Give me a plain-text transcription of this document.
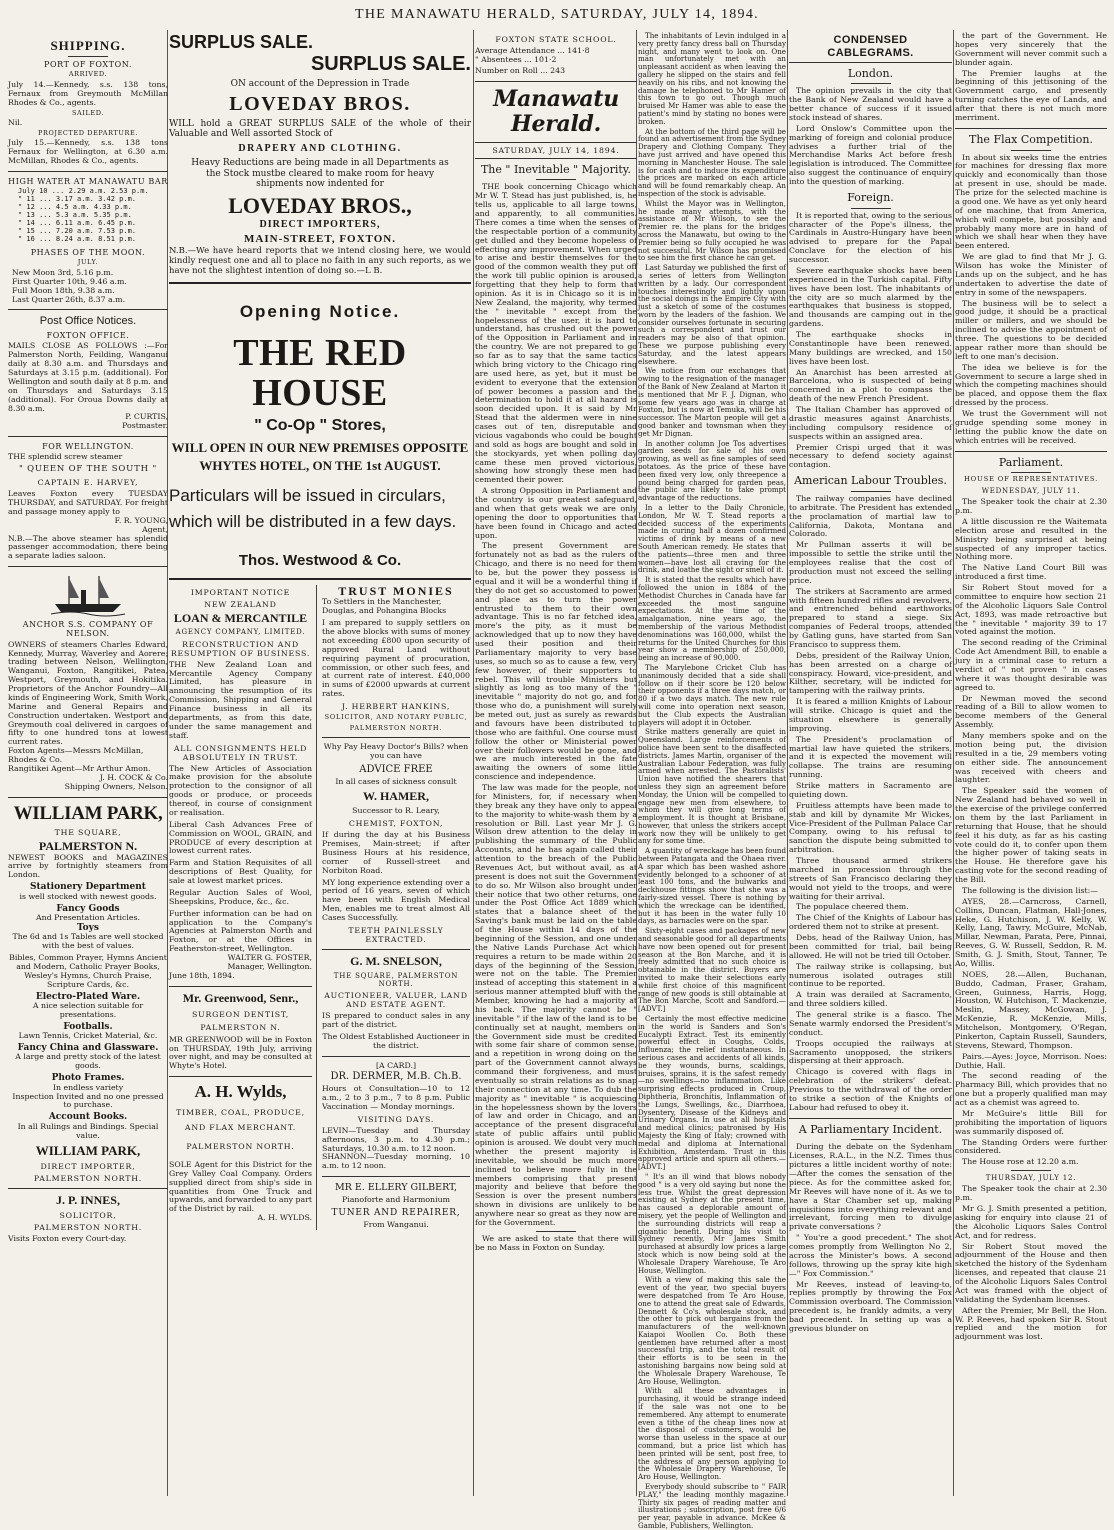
THE MANAWATU HERALD, SATURDAY, JULY 14, 1894.
SHIPPING.
PORT OF FOXTON.
ARRIVED.
July 14.—Kennedy, s.s. 138 tons, Fernaux from Greymouth McMillan Rhodes & Co., agents.
SAILED.
Nil.
PROJECTED DEPARTURE.
July 15.—Kennedy, s.s. 138 tons Fernaux for Wellington, at 6.30 a.m. McMillan, Rhodes & Co., agents.
HIGH WATER AT MANAWATU BAR
July 10 ... 2.29 a.m. 2.53 p.m.
" 11 ... 3.17 a.m. 3.42 p.m.
" 12 ... 4.5 a.m. 4.33 p.m.
" 13 ... 5.3 a.m. 5.35 p.m.
" 14 ... 6.11 a.m. 6.45 p.m.
" 15 ... 7.20 a.m. 7.53 p.m.
" 16 ... 8.24 a.m. 8.51 p.m.
PHASES OF THE MOON.
JULY.
New Moon 3rd, 5.16 p.m.
First Quarter 10th, 9.46 a.m.
Full Moon 18th, 9.38 a.m.
Last Quarter 26th, 8.37 a.m.
Post Office Notices.
FOXTON OFFICE.
MAILS CLOSE AS FOLLOWS :—For Palmerston North, Feilding, Wanganui daily at 8.30 a.m. and Thursdays and Saturdays at 3.15 p.m. (additional). For Wellington and south daily at 8 p.m. and on Thursdays and Saturdays 3.15 (additional). For Oroua Downs daily at 8.30 a.m.
P. CURTIS,
Postmaster.
FOR WELLINGTON.
THE splendid screw steamer
" QUEEN OF THE SOUTH "
CAPTAIN E. HARVEY,
Leaves Foxton every TUESDAY THURSDAY, and SATURDAY. For freight and passage money apply to
F. R. YOUNG,
Agent,
N.B.—The above steamer has splendid passenger accommodation, there being a separate ladies saloon.
ANCHOR S.S. COMPANY OF NELSON.
OWNERS of steamers Charles Edward, Kennedy, Murray, Waverley and Aorere; trading between Nelson, Wellington, Wanganui, Foxton, Rangitikei, Patea, Westport, Greymouth, and Hokitika. Proprietors of the Anchor Foundry—All kinds of Engineering Work, Smith Work, Marine and General Repairs and Construction undertaken. Westport and Greymouth coal delivered in cargoes of fifty to one hundred tons at lowest current rates.
Foxton Agents—Messrs McMillan, Rhodes & Co.
Rangitikei Agent—Mr Arthur Amon.
J. H. COCK & Co.
Shipping Owners, Nelson.
WILLIAM PARK,
THE SQUARE,
PALMERSTON N.
NEWEST BOOKS and MAGAZINES arrive by fortnightly steamers from London.
Stationery Department
is well stocked with newest goods.
Fancy Goods
And Presentation Articles.
Toys
The 6d and 1s Tables are well stocked with the best of values.
Bibles, Common Prayer, Hymns Ancient and Modern, Catholic Prayer Books, Wesley's Hymns, Church Praise, Scripture Cards, &c.
Electro-Plated Ware.
A nice selection suitable for presentations.
Footballs.
Lawn Tennis, Cricket Material, &c.
Fancy China and Glassware.
A large and pretty stock of the latest goods.
Photo Frames.
In endless variety
Inspection Invited and no one pressed to purchase.
Account Books.
In all Rulings and Bindings. Special value.
WILLIAM PARK,
DIRECT IMPORTER,
PALMERSTON NORTH.
J. P. INNES,
SOLICITOR,
PALMERSTON NORTH.
Visits Foxton every Court-day.
SURPLUS SALE.
SURPLUS SALE.
ON account of the Depression in Trade
LOVEDAY BROS.
WILL hold a GREAT SURPLUS SALE of the whole of their Valuable and Well assorted Stock of
DRAPERY AND CLOTHING.
Heavy Reductions are being made in all Departments as the Stock mustbe cleared to make room for heavy shipments now indented for
LOVEDAY BROS.,
DIRECT IMPORTERS,
MAIN-STREET, FOXTON.
N.B.—We have heard reports that we intend closing here, we would kindly request one and all to place no faith in any such reports, as we have not the slightest intention of doing so.—L B.
Opening Notice.
THE RED HOUSE
" Co-Op " Stores,
WILL OPEN IN OUR NEW PREMISES OPPOSITE
WHYTES HOTEL, ON THE 1st AUGUST.
Particulars will be issued in circulars, which will be distributed in a few days.
Thos. Westwood & Co.
IMPORTANT NOTICE
NEW ZEALAND
LOAN & MERCANTILE
AGENCY COMPANY, LIMITED.
RECONSTRUCTION AND RESUMPTION OF BUSINESS.
THE New Zealand Loan and Mercantile Agency Company Limited, has pleasure in announcing the resumption of its Commission, Shipping and General Finance business in all its departments, as from this date, under the same management and staff.
ALL CONSIGNMENTS HELD ABSOLUTELY IN TRUST.
The New Articles of Association make provision for the absolute protection to the consignor of all goods or produce, or proceeds thereof, in course of consignment or realisation.
Liberal Cash Advances Free of Commission on WOOL, GRAIN, and PRODUCE of every description at lowest current rates.
Farm and Station Requisites of all descriptions of Best Quality, for sale at lowest market prices.
Regular Auction Sales of Wool, Sheepskins, Produce, &c., &c.
Further information can be had on application to the Company's Agencies at Palmerston North and Foxton, or at the Offices in Featherston-street, Wellington.
WALTER G. FOSTER,
Manager, Wellington.
June 18th, 1894.
Mr. Greenwood, Senr.,
SURGEON DENTIST,
PALMERSTON N.
MR GREENWOOD will be in Foxton on THURSDAY, 19th July, arriving over night, and may be consulted at Whyte's Hotel.
A. H. Wylds,
TIMBER, COAL, PRODUCE,
AND FLAX MERCHANT.
PALMERSTON NORTH.
SOLE Agent for this District for the Grey Valley Coal Company. Orders supplied direct from ship's side in quantities from One Truck and upwards, and forwarded to any part of the District by rail.
A. H. WYLDS.
TRUST MONIES
To Settlers in the Manchester, Douglas, and Pohangina Blocks
I am prepared to supply settlers on the above blocks with sums of money not exceeding £800 upon security of approved Rural Land without requiring payment of procuration, commission, or other such fees, and at current rate of interest. £40,000 in sums of £2000 upwards at current rates.
J. HERBERT HANKINS,
SOLICITOR, AND NOTARY PUBLIC,
PALMERSTON NORTH.
Why Pay Heavy Doctor's Bills? when you can have
ADVICE FREE
In all cases of sickness consult
W. HAMER,
Successor to R. Leary,
CHEMIST, FOXTON,
If during the day at his Business Premises, Main-street; if after Business Hours at his residence, corner of Russell-street and Norbiton Road.
MY long experience extending over a period of 16 years, seven of which have been with English Medical Men, enables me to treat almost All Cases Successfully.
TEETH PAINLESSLY EXTRACTED.
G. M. SNELSON,
THE SQUARE, PALMERSTON NORTH.
AUCTIONEER, VALUER, LAND AND ESTATE AGENT.
IS prepared to conduct sales in any part of the district.
The Oldest Established Auctioneer in the district.
[A CARD.]
DR. DERMER, M.B. Ch.B.
Hours ot Consultation—10 to 12 a.m., 2 to 3 p.m., 7 to 8 p.m. Public Vaccination — Monday mornings.
VISITING DAYS.
LEVIN—Tuesday and Thursday afternoons, 3 p.m. to 4.30 p.m.; Saturdays, 10.30 a.m. to 12 noon.
SHANNON—Tuesday morning, 10 a.m. to 12 noon.
MR E. ELLERY GILBERT,
Pianoforte and Harmonium
TUNER AND REPAIRER,
From Wanganui.
FOXTON STATE SCHOOL.
Average Attendance ... 141·8
" Absentees ... 101·2
Number on Roll ... 243
Manawatu Herald.
SATURDAY, JULY 14, 1894.
The " Inevitable " Majority.
THE book concerning Chicago which Mr W. T. Stead has just published, is, he tells us, applicable to all large towns, and apparently, to all communities. There comes a time when the senses of the respectable portion of a community get dulled and they become hopeless of effecting any improvement. When urged to arise and bestir themselves for the good of the common wealth they put off the work till public opinion is aroused, forgetting that they help to form that opinion. As it is in Chicago so it is in New Zealand, the majority, why termed the " inevitable " except from the hopelessness of the user, it is hard to understand, has crushed out the power of the Opposition in Parliament and in the country. We are not prepared to go so far as to say that the same tactics which bring victory to the Chicago ring are used here, as yet, but it must be evident to everyone that the extension of power becomes a passion and the determination to hold it at all hazard is soon decided upon. It is said by Mr Stead that the aldermen were in nine cases out of ten, disreputable and vicious vagabonds who could be bought and sold as hogs are bought and sold in the stockyards, yet when polling day came these men proved victorious, showing how strongly these men had cemented their power.
A strong Opposition in Parliament and the country is our greatest safeguard, and when that gets weak we are only opening the door to opportunities that have been found in Chicago and acted upon.
The present Government are fortunately not as bad as the rulers of Chicago, and there is no need for them to be, but the power they possess is equal and it will be a wonderful thing if they do not get so accustomed to power and place as to turn the power entrusted to them to their own advantage. This is no far fetched idea, more's the pity, as it must be acknowledged that up to now they have used their position and their Parliamentary majority to very base uses, so much so as to cause a few, very few however, of their supporters to rebel. This will trouble Ministers but slightly as long as too many of the " inevitable " majority do not go, and for those who do, a punishment will surely be meted out, just as surely as rewards and favours have been distributed to those who are faithful. One course must follow the other or Ministerial power over their followers would be gone, and we are much interested in the fate awaiting the owners of some little conscience and independence.
The law was made for the people, not for Ministers, for, if necessary when they break any they have only to appeal to the majority to white-wash them by a resolution or Bill. Last year Mr J. G. Wilson drew attention to the delay in publishing the summary of the Public Accounts, and he has again called their attention to the breach of the Public Revenues Act, but without avail, as at present is does not suit the Government to do so. Mr Wilson also brought under their notice that two other returns, one under the Post Office Act 1889 which states that a balance sheet of the Saving's bank must be laid on the table of the House within 14 days of the beginning of the Session, and one under the Native Lands Purchase Act which requires a return to be made within 20 days of the beginning of the Session, were not on the table. The Premier instead of accepting this statement in a serious manner attempted bluff with the Member, knowing he had a majority at his back. The majority cannot be " inevitable " if the law of the land is to be continually set at naught, members on the Government side must be credited with some fair share of common sense, and a repetition in wrong doing on the part of the Government cannot always command their forgiveness, and must eventually so strain relations as to snap their connection at any time. To dub the majority as " inevitable " is acquiescing in the hopelessness shown by the lovers of law and order in Chicago, and an acceptance of the present disgraceful state of public affairs until public opinion is aroused. We doubt very much whether the present majority is inevitable, we should be much more inclined to believe more fully in the members comprising that present majority and believe that before the Session is over the present numbers shown in divisions are unlikely to be anywhere near so great as they now are for the Government.
We are asked to state that there will be no Mass in Foxton on Sunday.
The inhabitants of Levin indulged in a very pretty fancy dress ball on Thursday night, and many went to look on. One man unfortunately met with an unpleasant accident as when leaving the gallery he slipped on the stairs and fell heavily on his ribs, and not knowing the damage he telephoned to Mr Hamer of this town to go out. Though much bruised Mr Hamer was able to ease the patient's mind by stating no bones were broken.
At the bottom of the third page will be found an advertisement from the Sydney Drapery and Clothing Company. They have just arrived and have opened this morning in Manchester House. The sale is for cash and to induce its expenditure the prices are marked on each article and will be found remarkably cheap. An inspection of the stock is advisable.
Whilst the Mayor was in Wellington, he made many attempts, with the assistance of Mr Wilson, to see the Premier re. the plans for the bridges across the Manawatu, but owing to the Premier being so fully occupied he was not successful. Mr Wilson has promised to see him the first chance he can get.
Last Saturday we published the first of a series of letters from Wellington written by a lady. Our correspondent touches interestingly and lightly upon the social doings in the Empire City with just a sketch of some of the costumes worn by the leaders of the fashion. We consider ourselves fortunate in securing such a correspondent and trust our readers may be also of that opinion. These we purpose publishing every Saturday, and the latest appears elsewhere.
We notice from our exchanges that owing to the resignation of the manager of the Bank of New Zealand at Marton it is mentioned that Mr F. J. Dignan, who some few years ago was in charge at Foxton, but is now at Temuka, will be his successor. The Marton people will get a good banker and townsman when they get Mr Dignan.
In another column Joe Tos advertises garden seeds for sale of his own growing, as well as fine samples of seed potatoes. As the price of these have been fixed very low, only threepence a pound being charged for garden peas, the public are likely to take prompt advantage of the reductions.
In a letter to the Daily Chronicle, London, Mr W. T. Stead reports a decided success of the experiments made in curing half a dozen confirmed victims of drink by means of a new South American remedy. He states that the patients—three men and three women—have lost all craving for the drink, and loathe the sight or smell of it.
It is stated that the results which have followed the union in 1884 of the Methodist Churches in Canada have far exceeded the most sanguine expectations. At the time of the amalgamation, nine years ago, the membership of the various Methodist denominations was 160,000, whilst the returns for the United Churches for this year show a membership of 250,000, being an increase of 90,000.
The Marylebone Cricket Club has unanimously decided that a side shall follow on if their score be 120 below their opponents if a three days match, or 80 if a two days match. The new rule will come into operation next season, but the Club expects the Australian players will adopt it in October.
Strike matters generally are quiet in Queensland. Large reinforcements of police have been sent to the disaffected districts. James Martin, organiser of the Australian Labour Federation, was fully armed when arrested. The Pastoralists' Union have notified the shearers that unless they sign an agreement before Monday, the Union will be compelled to engage new men from elsewhere, to whom they will give long terms of employment. It is thought at Brisbane, however, that unless the strikers accept work now they will be unlikely to get any for some time.
A quantity of wreckage has been found between Patangata and the Ohaea river. A spar which has been washed ashore evidently belonged to a schooner of at least 100 tons, and the bulwarks and deckhouse fittings show that she was a fairly-sized vessel. There is nothing by which the wreckage can be identified, but it has been in the water fully 10 days, as barnacles were on the spar.
Sixty-eight cases and packages of new and seasonable good for all departments have now been opened out for present season at the Bon Marche, and it is freely admitted that no such choice is obtainable in the district. Buyers are invited to make their selections early while first choice of this magnificent range of new goods is still obtainable at The Bon Marche, Scott and Sandford.—[ADVT.]
Certainly the most effective medicine in the world is Sanders and Son's Eucalypti Extract. Test its eminently powerful effect in Coughs, Colds, Influenza; the relief instantaneous. In serious cases and accidents of all kinds, be they wounds, burns, scaldings, bruises, sprains, it is the safest remedy—no swellings—no inflammation. Like surprising effects produced in Croup, Diphtheria, Bronchitis, Inflammation of the Lungs, Swellings, &c., Diarrhoea, Dysentery, Disease of the Kidneys and Urinary Organs. In use at all hospitals and medical clinics; patronised by His Majesty the King of Italy; crowned with medal and diploma at International Exhibition, Amsterdam. Trust in this approved article and spurn all others.—[ADVT.]
" It's an ill wind that blows nobody good " is a very old saying but none the less true. Whilst the great depression existing at Sydney at the present time, has caused a deplorable amount of misery, yet the people of Wellington and the surrounding districts will reap a gigantic benefit. During his visit to Sydney recently, Mr James Smith purchased at absurdly low prices a large stock which is now being sold at the Wholesale Drapery Warehouse, Te Aro House, Wellington.
With a view of making this sale the event of the year, two special buyers were despatched from Te Aro House, one to attend the great sale of Edwards, Dennett & Co's. wholesale stock, and the other to pick out bargains from the manufacturers of the well-known Kaiapoi Woollen Co. Both these gentlemen have returned after a most successful trip, and the total result of their efforts is to be seen in the astonishing bargains now being sold at the Wholesale Drapery Warehouse, Te Aro House, Wellington.
With all these advantages in purchasing, it would be strange indeed if the sale was not one to be remembered. Any attempt to enumerate even a tithe of the cheap lines now at the disposal of customers, would be worse than useless in the space at our command, but a price list which has been printed will be sent, post free, to the address of any person applying to the Wholesale Drapery Warehouse, Te Aro House, Wellington.
Everybody should subscribe to " FAIR PLAY," the leading monthly magazine. Thirty six pages of reading matter and illustrations ; subscription, post free 6/6 per year, payable in advance. McKee & Gamble, Publishers, Wellington.
CONDENSED CABLEGRAMS.
London.
The opinion prevails in the city that the Bank of New Zealand would have a better chance of success if it issued stock instead of shares.
Lord Onslow's Committee upon the marking of foreign and colonial produce advises a further trial of the Merchandise Marks Act before fresh legislation is introduced. The Committee also suggest the continuance of enquiry into the question of marking.
Foreign.
It is reported that, owing to the serious character of the Pope's illness, the Cardinals in Austro-Hungary have been advised to prepare for the Papal Conclave for the election of his successor.
Severe earthquake shocks have been experienced in the Turkish capital. Fifty lives have been lost. The inhabitants of the city are so much alarmed by the earthquakes that business is stopped, and thousands are camping out in the gardens.
The earthquake shocks in Constantinople have been renewed. Many buildings are wrecked, and 150 lives have been lost.
An Anarchist has been arrested at Barcelona, who is suspected of being concerned in a plot to compass the death of the new French President.
The Italian Chamber has approved of drastic measures against Anarchists, including compulsory residence of suspects within an assigned area.
Premier Crispi urged that it was necessary to defend society against contagion.
American Labour Troubles.
The railway companies have declined to arbitrate. The President has extended the proclamation of martial law to California, Dakota, Montana and Colorado.
Mr Pullman asserts it will be impossible to settle the strike until the employees realise that the cost of production must not exceed the selling price.
The strikers at Sacramento are armed with fifteen hundred rifles and revolvers, and entrenched behind earthworks prepared to stand a siege. Six companies of Federal troops, attended by Gatling guns, have started from San Francisco to suppress them.
Debs, president of the Railway Union, has been arrested on a charge of conspiracy. Howard, vice-president, and Kilther, secretary, will be indicted for tampering with the railway prints.
It is feared a million Knights of Labour will strike. Chicago is quiet and the situation elsewhere is generally improving.
The President's proclamation of martial law have quieted the strikers, and it is expected the movement will collapse. The trains are resuming running.
Strike matters in Sacramento are quieting down.
Fruitless attempts have been made to stab and kill by dynamite Mr Wickes, Vice-President of the Pullman Palace Car Company, owing to his refusal to sanction the dispute being submitted to arbitration.
Three thousand armed strikers marched in procession through the streets of San Francisco declaring they would not yield to the troops, and were waiting for their arrival.
The populace cheered them.
The Chief of the Knights of Labour has ordered them not to strike at present.
Debs, head of the Railway Union, has been committed for trial, bail being allowed. He will not be tried till October.
The railway strike is collapsing, but numerous isolated outrages still continue to be reported.
A train was derailed at Sacramento, and three soldiers killed.
The general strike is a fiasco. The Senate warmly endorsed the President's conduct.
Troops occupied the railways at Sacramento unopposed, the strikers dispersing at their approach.
Chicago is covered with flags in celebration of the strikers' defeat. Previous to the withdrawal of the order to strike a section of the Knights of Labour had refused to obey it.
A Parliamentary Incident.
During the debate on the Sydenham Licenses, R.A.L., in the N.Z. Times thus pictures a little incident worthy of note:—After the comes the sensation of the piece. As for the committee asked for, Mr Reeves will have none of it. As we to have a Star Chamber set up, making inquisitions into everything relevant and irrelevant, forcing men to divulge private conversations ?
" You're a good precedent." The shot comes promptly from Wellington No 2, across the Minister's bows. A second follows, throwing up the spray kite high—" Fox Commission."
Mr Reeves, instead of leaving-to, replies promptly by throwing the Fox Commission overboard. The Commission precedent is, he frankly admits, a very bad precedent. In setting up was a grevious blunder on
the part of the Government. He hopes very sincerely that the Government will never commit such a blunder again.
The Premier laughs at the beginning of this jettisoning of the Government cargo, and presently turning catches the eye of Lands, and after that there is not much more merriment.
The Flax Competition.
In about six weeks time the entries for machines for dressing flax more quickly and economically than those at present in use, should be made. The prize for the selected machine is a good one. We have as yet only heard of one machine, that from America, which will compete, but possibly and probably many more are in hand of which we shall hear when they have been entered.
We are glad to find that Mr J. G. Wilson has woke the Minister of Lands up on the subject, and he has undertaken to advertise the date of entry in some of the newspapers.
The business will be to select a good judge, it should be a practical miller or millers, and we should be inclined to advise the appointment of three. The questions to be decided appear rather more than should be left to one man's decision.
The idea we believe is for the Government to secure a large shed in which the competing machines should be placed, and oppose them the flax dressed by the process.
We trust the Government will not grudge spending some money in letting the public know the date on which entries will be received.
Parliament.
HOUSE OF REPRESENTATIVES.
WEDNESDAY, JULY 11.
The Speaker took the chair at 2.30 p.m.
A little discussion re the Waitemata election arose and resulted in the Ministry being surprised at being suspected of any improper tactics. Nothing more.
The Native Land Court Bill was introduced a first time.
Sir Robert Stout moved for a committee to enquire how section 21 of the Alcoholic Liquors Sale Control Act, 1893, was made retroactive but the " inevitable " majority 39 to 17 voted against the motion.
The second reading of the Criminal Code Act Amendment Bill, to enable a jury in a criminal case to return a verdict of " not proven " in cases where it was thought desirable was agreed to.
Dr Newman moved the second reading of a Bill to allow women to become members of the General Assembly.
Many members spoke and on the motion being put, the division resulted in a tie, 29 members voting on either side. The announcement was received with cheers and laughter.
The Speaker said the women of New Zealand had behaved so well in the exercise of the privilege conferred on them by the last Parliament in returning that House, that he should feel it his duty, as far as his casting vote could do it, to confer upon them the higher power of taking seats in the House. He therefore gave his casting vote for the second reading of the Bill.
The following is the division list:—
AYES, 28.—Carncross, Carnell, Collins, Duncan, Flatman, Hall-Jones, Heke, G. Hutchison, J. W. Kelly, W. Kelly, Lang, Tawry, McGuire, McNab, Millar, Newman, Parata, Pere, Pinnai, Reeves, G. W. Russell, Seddon, R. M. Smith, G. J. Smith, Stout, Tanner, Te Ao, Willis.
NOES, 28.—Allen, Buchanan, Buddo, Cadman, Fraser, Graham, Green, Guinness, Harris, Hogg, Houston, W. Hutchison, T. Mackenzie, Meslin, Massey, McGowan, J. McKenzie, R. McKenzie, Mills, Mitchelson, Montgomery, O'Regan, Pinkerton, Captain Russell, Saunders, Stevens, Steward, Thompson.
Pairs.—Ayes: Joyce, Morrison. Noes: Duthie, Hall.
The second reading of the Pharmacy Bill, which provides that no one but a properly qualified man may act as a chemist was agreed to.
Mr McGuire's little Bill for prohibiting the importation of liquors was summarily disposed of.
The Standing Orders were further considered.
The House rose at 12.20 a.m.
THURSDAY, JULY 12.
The Speaker took the chair at 2.30 p.m.
Mr G. J. Smith presented a petition, asking for enquiry into clause 21 of the Alcoholic Liquors Sales Control Act, and for redress.
Sir Robert Stout moved the adjournment of the House and then sketched the history of the Sydenham licenses, and repeated that clause 21 of the Alcoholic Liquors Sales Control Act was framed with the object of validating the Sydenham licenses.
After the Premier, Mr Bell, the Hon. W. P. Reeves, had spoken Sir R. Stout replied and the motion for adjournment was lost.
